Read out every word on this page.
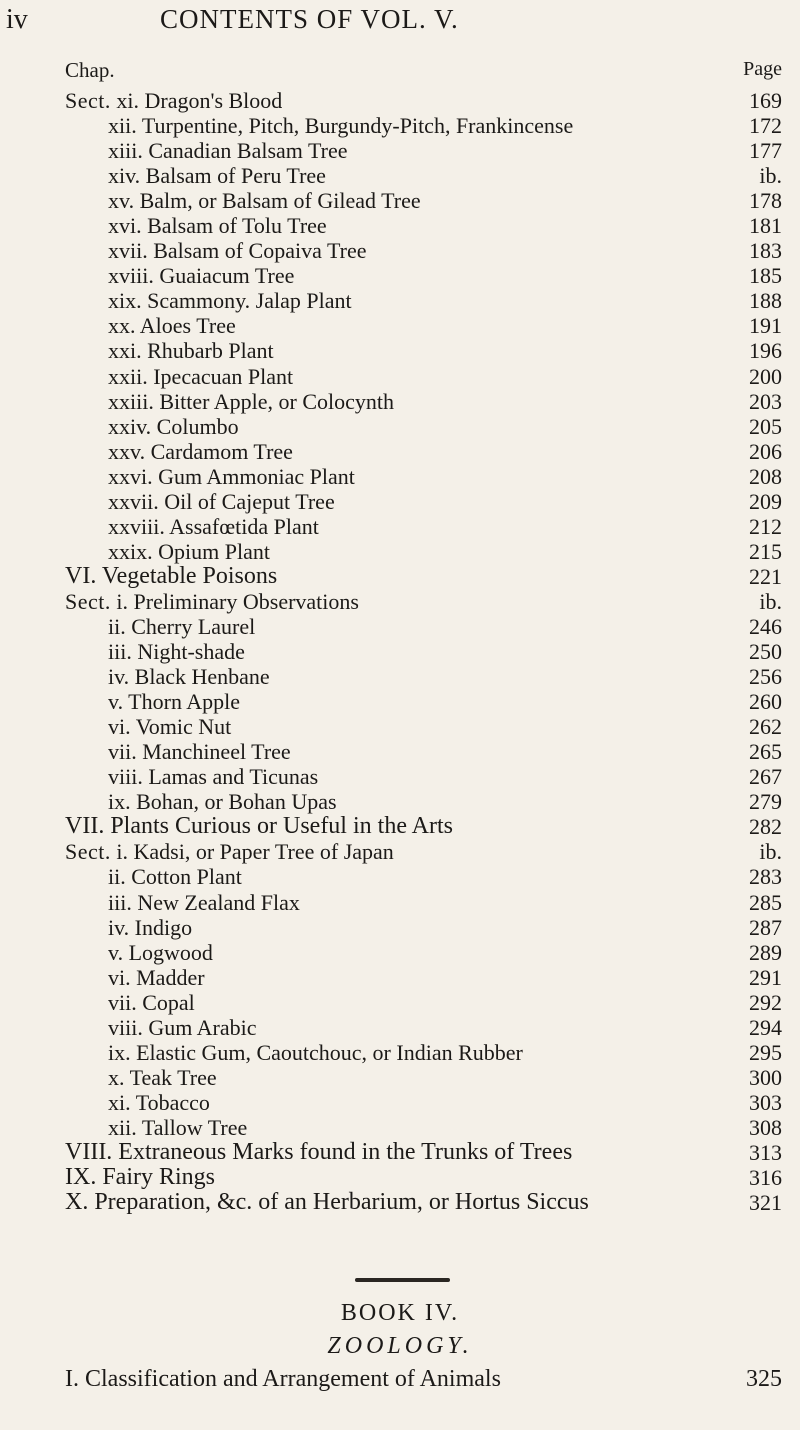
iv	CONTENTS OF VOL. V.
Chap.	Page
Sect. xi. Dragon's Blood	169
xii. Turpentine, Pitch, Burgundy-Pitch, Frankincense	172
xiii. Canadian Balsam Tree	177
xiv. Balsam of Peru Tree	ib.
xv. Balm, or Balsam of Gilead Tree	178
xvi. Balsam of Tolu Tree	181
xvii. Balsam of Copaiva Tree	183
xviii. Guaiacum Tree	185
xix. Scammony. Jalap Plant	188
xx. Aloes Tree	191
xxi. Rhubarb Plant	196
xxii. Ipecacuan Plant	200
xxiii. Bitter Apple, or Colocynth	203
xxiv. Columbo	205
xxv. Cardamom Tree	206
xxvi. Gum Ammoniac Plant	208
xxvii. Oil of Cajeput Tree	209
xxviii. Assafœtida Plant	212
xxix. Opium Plant	215
VI. Vegetable Poisons	221
Sect. i. Preliminary Observations	ib.
ii. Cherry Laurel	246
iii. Night-shade	250
iv. Black Henbane	256
v. Thorn Apple	260
vi. Vomic Nut	262
vii. Manchineel Tree	265
viii. Lamas and Ticunas	267
ix. Bohan, or Bohan Upas	279
VII. Plants Curious or Useful in the Arts	282
Sect. i. Kadsi, or Paper Tree of Japan	ib.
ii. Cotton Plant	283
iii. New Zealand Flax	285
iv. Indigo	287
v. Logwood	289
vi. Madder	291
vii. Copal	292
viii. Gum Arabic	294
ix. Elastic Gum, Caoutchouc, or Indian Rubber	295
x. Teak Tree	300
xi. Tobacco	303
xii. Tallow Tree	308
VIII. Extraneous Marks found in the Trunks of Trees	313
IX. Fairy Rings	316
X. Preparation, &c. of an Herbarium, or Hortus Siccus	321
BOOK IV.
ZOOLOGY.
I. Classification and Arrangement of Animals	325
